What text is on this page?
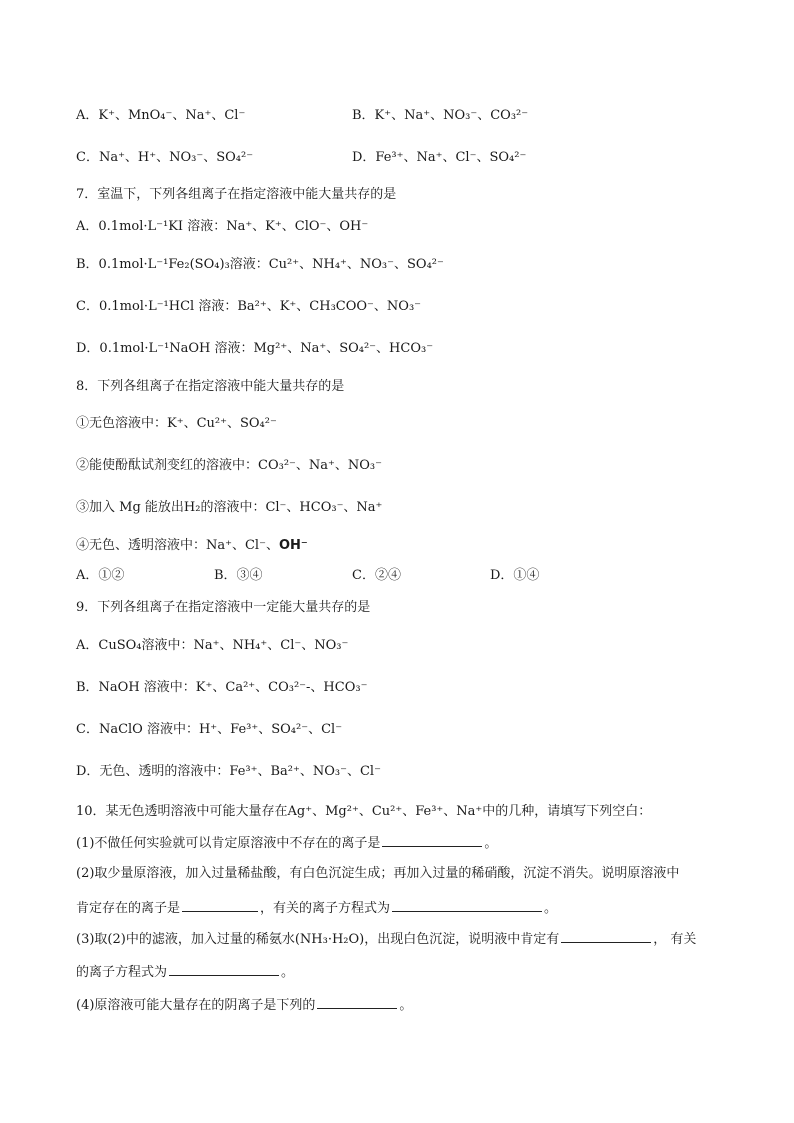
A．K⁺、MnO₄⁻、Na⁺、Cl⁻	B．K⁺、Na⁺、NO₃⁻、CO₃²⁻
C．Na⁺、H⁺、NO₃⁻、SO₄²⁻	D．Fe³⁺、Na⁺、Cl⁻、SO₄²⁻
7．室温下，下列各组离子在指定溶液中能大量共存的是
A．0.1mol·L⁻¹KI 溶液：Na⁺、K⁺、ClO⁻、OH⁻
B．0.1mol·L⁻¹Fe₂(SO₄)₃溶液：Cu²⁺、NH₄⁺、NO₃⁻、SO₄²⁻
C．0.1mol·L⁻¹HCl 溶液：Ba²⁺、K⁺、CH₃COO⁻、NO₃⁻
D．0.1mol·L⁻¹NaOH 溶液：Mg²⁺、Na⁺、SO₄²⁻、HCO₃⁻
8．下列各组离子在指定溶液中能大量共存的是
①无色溶液中：K⁺、Cu²⁺、SO₄²⁻
②能使酚酞试剂变红的溶液中：CO₃²⁻、Na⁺、NO₃⁻
③加入 Mg 能放出H₂的溶液中：Cl⁻、HCO₃⁻、Na⁺
④无色、透明溶液中：Na⁺、Cl⁻、OH⁻
A．①②	B．③④	C．②④	D．①④
9．下列各组离子在指定溶液中一定能大量共存的是
A．CuSO₄溶液中：Na⁺、NH₄⁺、Cl⁻、NO₃⁻
B．NaOH 溶液中：K⁺、Ca²⁺、CO₃²⁻-、HCO₃⁻
C．NaClO 溶液中：H⁺、Fe³⁺、SO₄²⁻、Cl⁻
D．无色、透明的溶液中：Fe³⁺、Ba²⁺、NO₃⁻、Cl⁻
10．某无色透明溶液中可能大量存在Ag⁺、Mg²⁺、Cu²⁺、Fe³⁺、Na⁺中的几种，请填写下列空白：
(1)不做任何实验就可以肯定原溶液中不存在的离子是	。
(2)取少量原溶液，加入过量稀盐酸，有白色沉淀生成；再加入过量的稀硝酸，沉淀不消失。说明原溶液中
肯定存在的离子是	，有关的离子方程式为	。
(3)取(2)中的滤液，加入过量的稀氨水(NH₃·H₂O)，出现白色沉淀，说明液中肯定有	， 有关
的离子方程式为	。
(4)原溶液可能大量存在的阴离子是下列的	。
